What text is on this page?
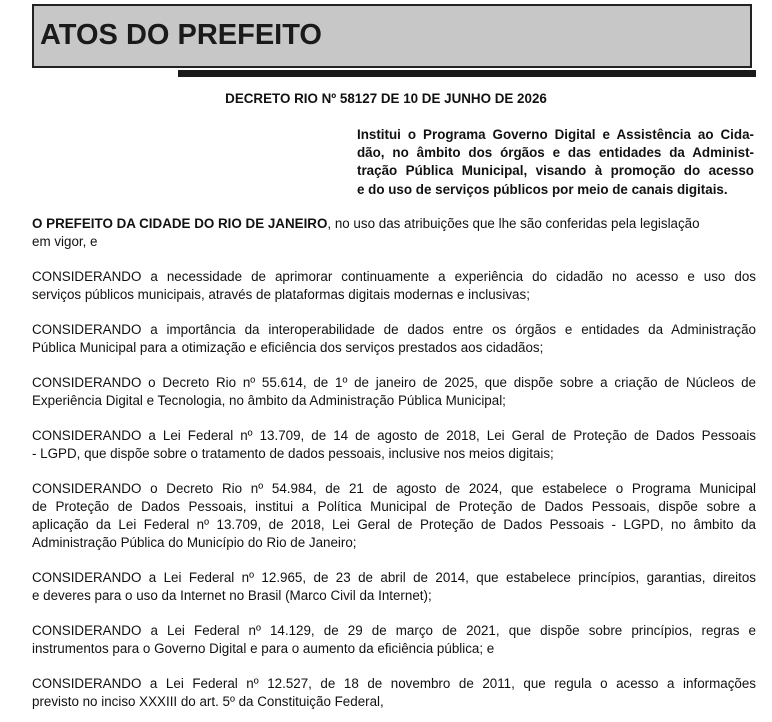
ATOS DO PREFEITO
DECRETO RIO Nº 58127 DE 10 DE JUNHO DE 2026
Institui o Programa Governo Digital e Assistência ao Cida-
dão, no âmbito dos órgãos e das entidades da Administ-
tração Pública Municipal, visando à promoção do acesso
e do uso de serviços públicos por meio de canais digitais.
O PREFEITO DA CIDADE DO RIO DE JANEIRO, no uso das atribuições que lhe são conferidas pela legislação
em vigor, e
CONSIDERANDO a necessidade de aprimorar continuamente a experiência do cidadão no acesso e uso dos
serviços públicos municipais, através de plataformas digitais modernas e inclusivas;
CONSIDERANDO a importância da interoperabilidade de dados entre os órgãos e entidades da Administração
Pública Municipal para a otimização e eficiência dos serviços prestados aos cidadãos;
CONSIDERANDO o Decreto Rio nº 55.614, de 1º de janeiro de 2025, que dispõe sobre a criação de Núcleos de
Experiência Digital e Tecnologia, no âmbito da Administração Pública Municipal;
CONSIDERANDO a Lei Federal nº 13.709, de 14 de agosto de 2018, Lei Geral de Proteção de Dados Pessoais
- LGPD, que dispõe sobre o tratamento de dados pessoais, inclusive nos meios digitais;
CONSIDERANDO o Decreto Rio nº 54.984, de 21 de agosto de 2024, que estabelece o Programa Municipal
de Proteção de Dados Pessoais, institui a Política Municipal de Proteção de Dados Pessoais, dispõe sobre a
aplicação da Lei Federal nº 13.709, de 2018, Lei Geral de Proteção de Dados Pessoais - LGPD, no âmbito da
Administração Pública do Município do Rio de Janeiro;
CONSIDERANDO a Lei Federal nº 12.965, de 23 de abril de 2014, que estabelece princípios, garantias, direitos
e deveres para o uso da Internet no Brasil (Marco Civil da Internet);
CONSIDERANDO a Lei Federal nº 14.129, de 29 de março de 2021, que dispõe sobre princípios, regras e
instrumentos para o Governo Digital e para o aumento da eficiência pública; e
CONSIDERANDO a Lei Federal nº 12.527, de 18 de novembro de 2011, que regula o acesso a informações
previsto no inciso XXXIII do art. 5º da Constituição Federal,
